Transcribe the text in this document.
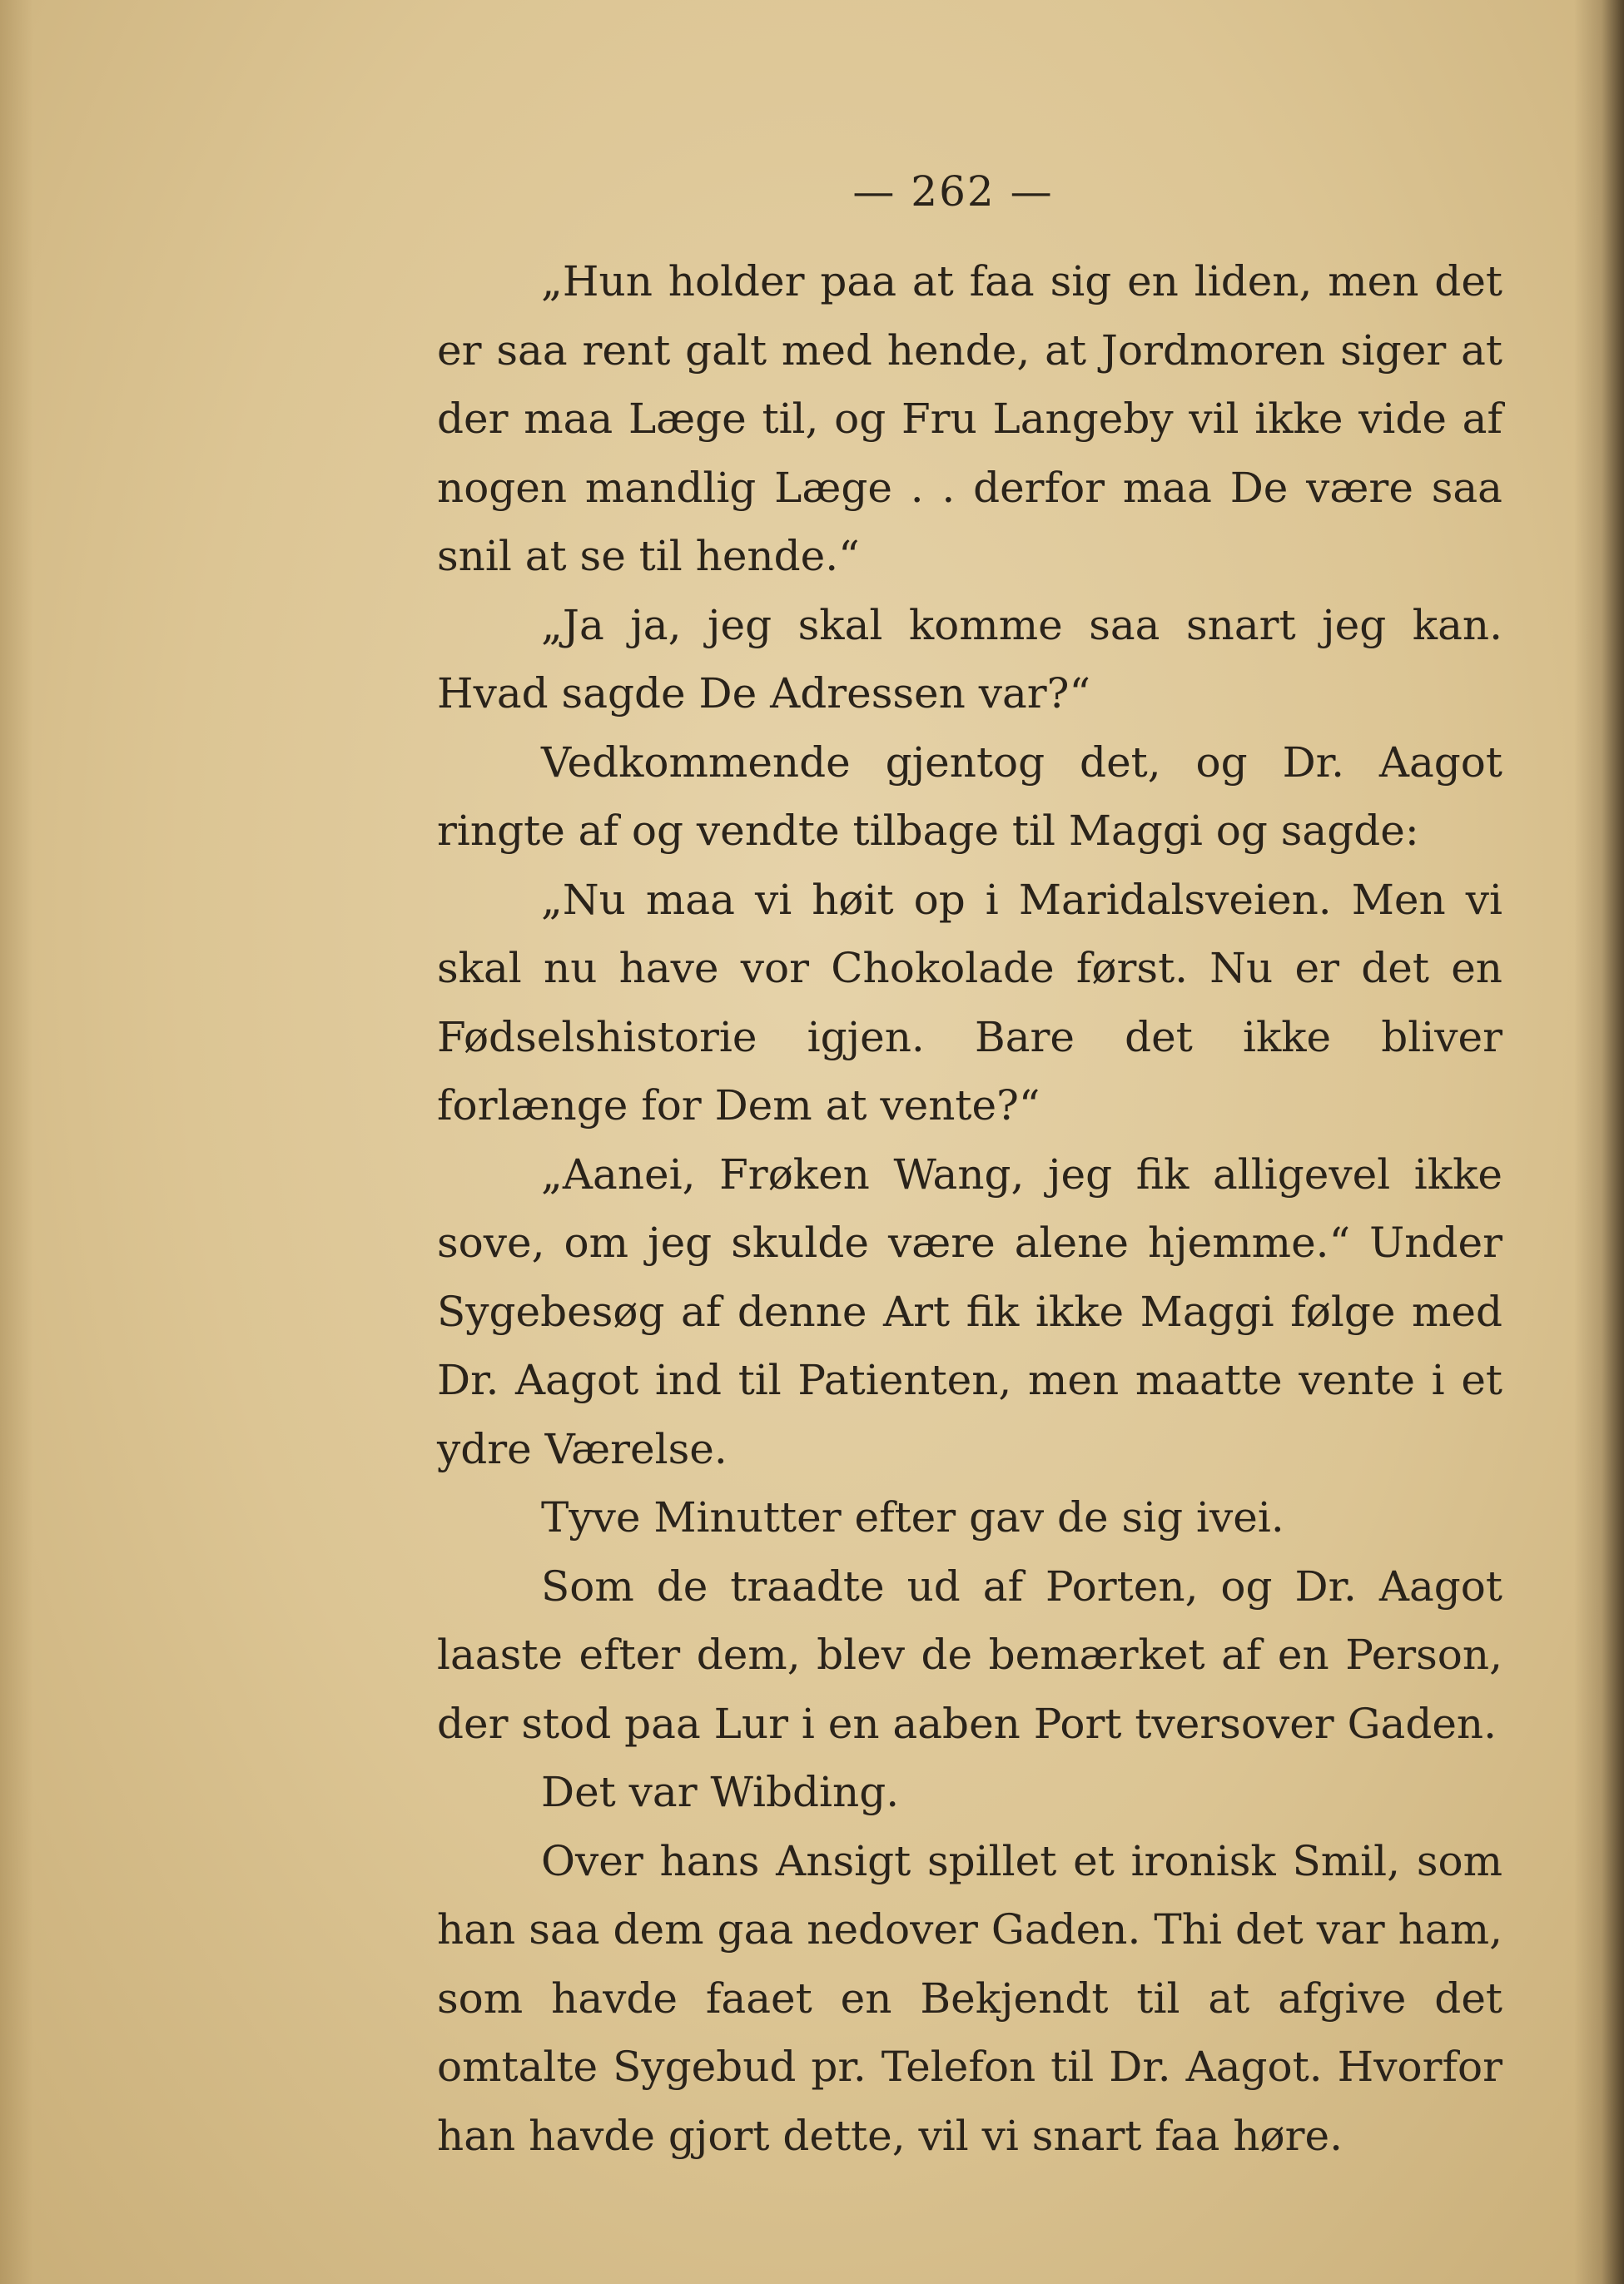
— 262 —

„Hun holder paa at faa sig en liden, men det er saa rent galt med hende, at Jordmoren siger at der maa Læge til, og Fru Langeby vil ikke vide af nogen mandlig Læge . . derfor maa De være saa snil at se til hende.“

„Ja ja, jeg skal komme saa snart jeg kan. Hvad sagde De Adressen var?“

Vedkommende gjentog det, og Dr. Aagot ringte af og vendte tilbage til Maggi og sagde:

„Nu maa vi høit op i Maridalsveien. Men vi skal nu have vor Chokolade først. Nu er det en Fødselshistorie igjen. Bare det ikke bliver forlænge for Dem at vente?“

„Aanei, Frøken Wang, jeg fik alligevel ikke sove, om jeg skulde være alene hjemme.“ Under Sygebesøg af denne Art fik ikke Maggi følge med Dr. Aagot ind til Patienten, men maatte vente i et ydre Værelse.

Tyve Minutter efter gav de sig ivei.

Som de traadte ud af Porten, og Dr. Aagot laaste efter dem, blev de bemærket af en Person, der stod paa Lur i en aaben Port tversover Gaden.

Det var Wibding.

Over hans Ansigt spillet et ironisk Smil, som han saa dem gaa nedover Gaden. Thi det var ham, som havde faaet en Bekjendt til at afgive det omtalte Sygebud pr. Telefon til Dr. Aagot. Hvorfor han havde gjort dette, vil vi snart faa høre.
